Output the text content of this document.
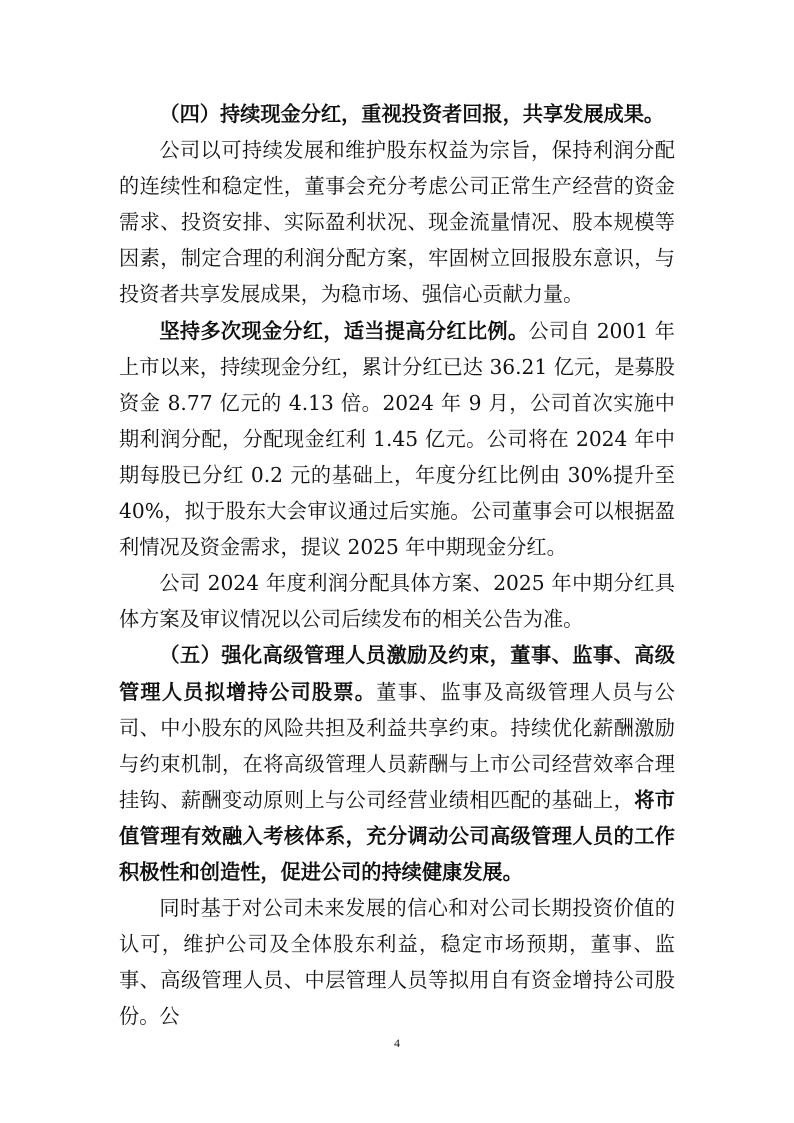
（四）持续现金分红，重视投资者回报，共享发展成果。

公司以可持续发展和维护股东权益为宗旨，保持利润分配的连续性和稳定性，董事会充分考虑公司正常生产经营的资金需求、投资安排、实际盈利状况、现金流量情况、股本规模等因素，制定合理的利润分配方案，牢固树立回报股东意识，与投资者共享发展成果，为稳市场、强信心贡献力量。

坚持多次现金分红，适当提高分红比例。公司自 2001 年上市以来，持续现金分红，累计分红已达 36.21 亿元，是募股资金 8.77 亿元的 4.13 倍。2024 年 9 月，公司首次实施中期利润分配，分配现金红利 1.45 亿元。公司将在 2024 年中期每股已分红 0.2 元的基础上，年度分红比例由 30%提升至 40%，拟于股东大会审议通过后实施。公司董事会可以根据盈利情况及资金需求，提议 2025 年中期现金分红。

公司 2024 年度利润分配具体方案、2025 年中期分红具体方案及审议情况以公司后续发布的相关公告为准。

（五）强化高级管理人员激励及约束，董事、监事、高级管理人员拟增持公司股票。董事、监事及高级管理人员与公司、中小股东的风险共担及利益共享约束。持续优化薪酬激励与约束机制，在将高级管理人员薪酬与上市公司经营效率合理挂钩、薪酬变动原则上与公司经营业绩相匹配的基础上，将市值管理有效融入考核体系，充分调动公司高级管理人员的工作积极性和创造性，促进公司的持续健康发展。

同时基于对公司未来发展的信心和对公司长期投资价值的认可，维护公司及全体股东利益，稳定市场预期，董事、监事、高级管理人员、中层管理人员等拟用自有资金增持公司股份。公

4
